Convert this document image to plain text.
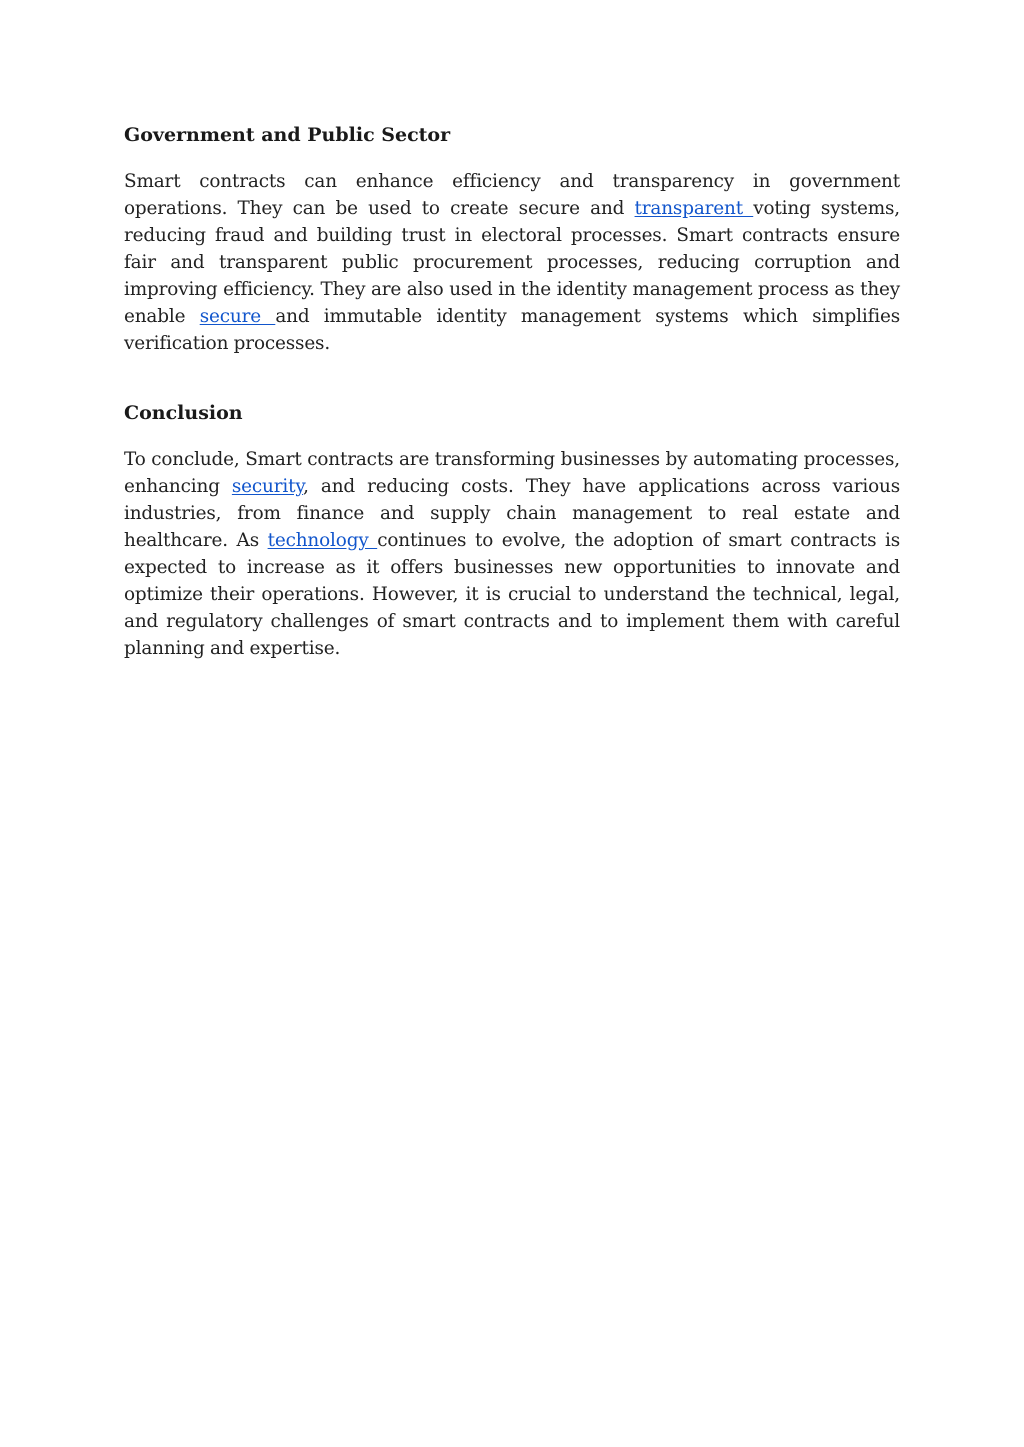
Government and Public Sector

Smart contracts can enhance efficiency and transparency in government operations. They can be used to create secure and transparent voting systems, reducing fraud and building trust in electoral processes. Smart contracts ensure fair and transparent public procurement processes, reducing corruption and improving efficiency. They are also used in the identity management process as they enable secure and immutable identity management systems which simplifies verification processes.

Conclusion

To conclude, Smart contracts are transforming businesses by automating processes, enhancing security, and reducing costs. They have applications across various industries, from finance and supply chain management to real estate and healthcare. As technology continues to evolve, the adoption of smart contracts is expected to increase as it offers businesses new opportunities to innovate and optimize their operations. However, it is crucial to understand the technical, legal, and regulatory challenges of smart contracts and to implement them with careful planning and expertise.
